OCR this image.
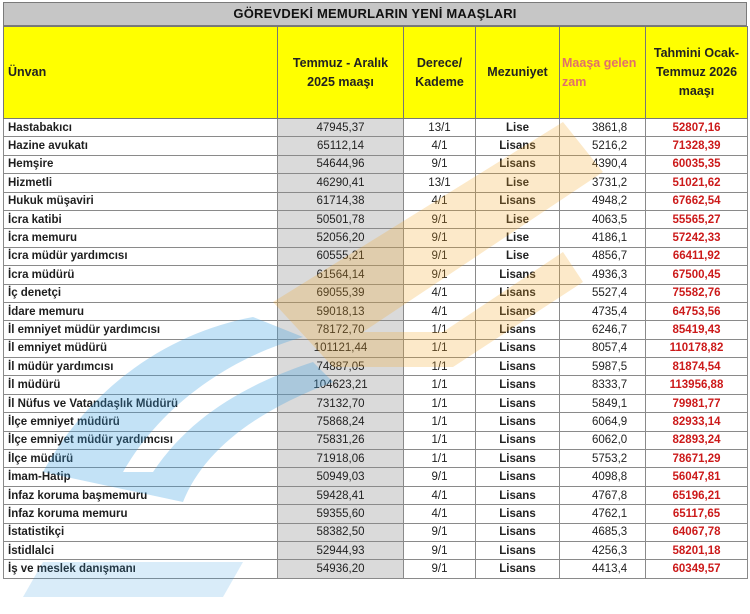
GÖREVDEKİ MEMURLARIN YENİ MAAŞLARI
Ünvan	Temmuz - Aralık 2025 maaşı	Derece/ Kademe	Mezuniyet	Maaşa gelen zam	Tahmini Ocak-Temmuz 2026 maaşı
Hastabakıcı	47945,37	13/1	Lise	3861,8	52807,16
Hazine avukatı	65112,14	4/1	Lisans	5216,2	71328,39
Hemşire	54644,96	9/1	Lisans	4390,4	60035,35
Hizmetli	46290,41	13/1	Lise	3731,2	51021,62
Hukuk müşaviri	61714,38	4/1	Lisans	4948,2	67662,54
İcra katibi	50501,78	9/1	Lise	4063,5	55565,27
İcra memuru	52056,20	9/1	Lise	4186,1	57242,33
İcra müdür yardımcısı	60555,21	9/1	Lise	4856,7	66411,92
İcra müdürü	61564,14	9/1	Lisans	4936,3	67500,45
İç denetçi	69055,39	4/1	Lisans	5527,4	75582,76
İdare memuru	59018,13	4/1	Lisans	4735,4	64753,56
İl emniyet müdür yardımcısı	78172,70	1/1	Lisans	6246,7	85419,43
İl emniyet müdürü	101121,44	1/1	Lisans	8057,4	110178,82
İl müdür yardımcısı	74887,05	1/1	Lisans	5987,5	81874,54
İl müdürü	104623,21	1/1	Lisans	8333,7	113956,88
İl Nüfus ve Vatandaşlık Müdürü	73132,70	1/1	Lisans	5849,1	79981,77
İlçe emniyet müdürü	75868,24	1/1	Lisans	6064,9	82933,14
İlçe emniyet müdür yardımcısı	75831,26	1/1	Lisans	6062,0	82893,24
İlçe müdürü	71918,06	1/1	Lisans	5753,2	78671,29
İmam-Hatip	50949,03	9/1	Lisans	4098,8	56047,81
İnfaz koruma başmemuru	59428,41	4/1	Lisans	4767,8	65196,21
İnfaz koruma memuru	59355,60	4/1	Lisans	4762,1	65117,65
İstatistikçi	58382,50	9/1	Lisans	4685,3	64067,78
İstidlalci	52944,93	9/1	Lisans	4256,3	58201,18
İş ve meslek danışmanı	54936,20	9/1	Lisans	4413,4	60349,57
